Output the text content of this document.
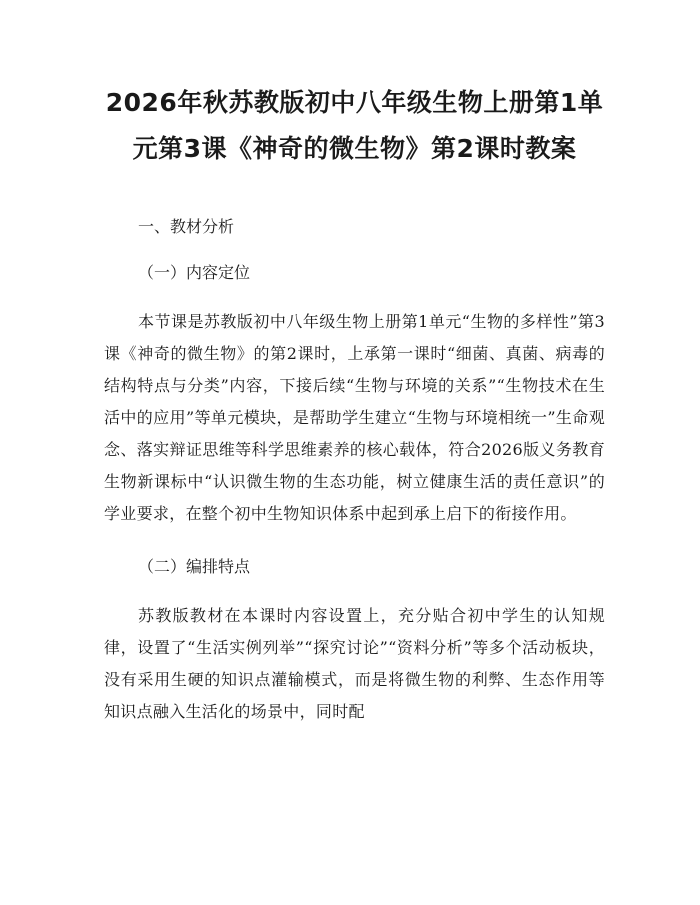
2026年秋苏教版初中八年级生物上册第1单元第3课《神奇的微生物》第2课时教案

一、教材分析

（一）内容定位

本节课是苏教版初中八年级生物上册第1单元“生物的多样性”第3课《神奇的微生物》的第2课时，上承第一课时“细菌、真菌、病毒的结构特点与分类”内容，下接后续“生物与环境的关系”“生物技术在生活中的应用”等单元模块，是帮助学生建立“生物与环境相统一”生命观念、落实辩证思维等科学思维素养的核心载体，符合2026版义务教育生物新课标中“认识微生物的生态功能，树立健康生活的责任意识”的学业要求，在整个初中生物知识体系中起到承上启下的衔接作用。

（二）编排特点

苏教版教材在本课时内容设置上，充分贴合初中学生的认知规律，设置了“生活实例列举”“探究讨论”“资料分析”等多个活动板块，没有采用生硬的知识点灌输模式，而是将微生物的利弊、生态作用等知识点融入生活化的场景中，同时配
